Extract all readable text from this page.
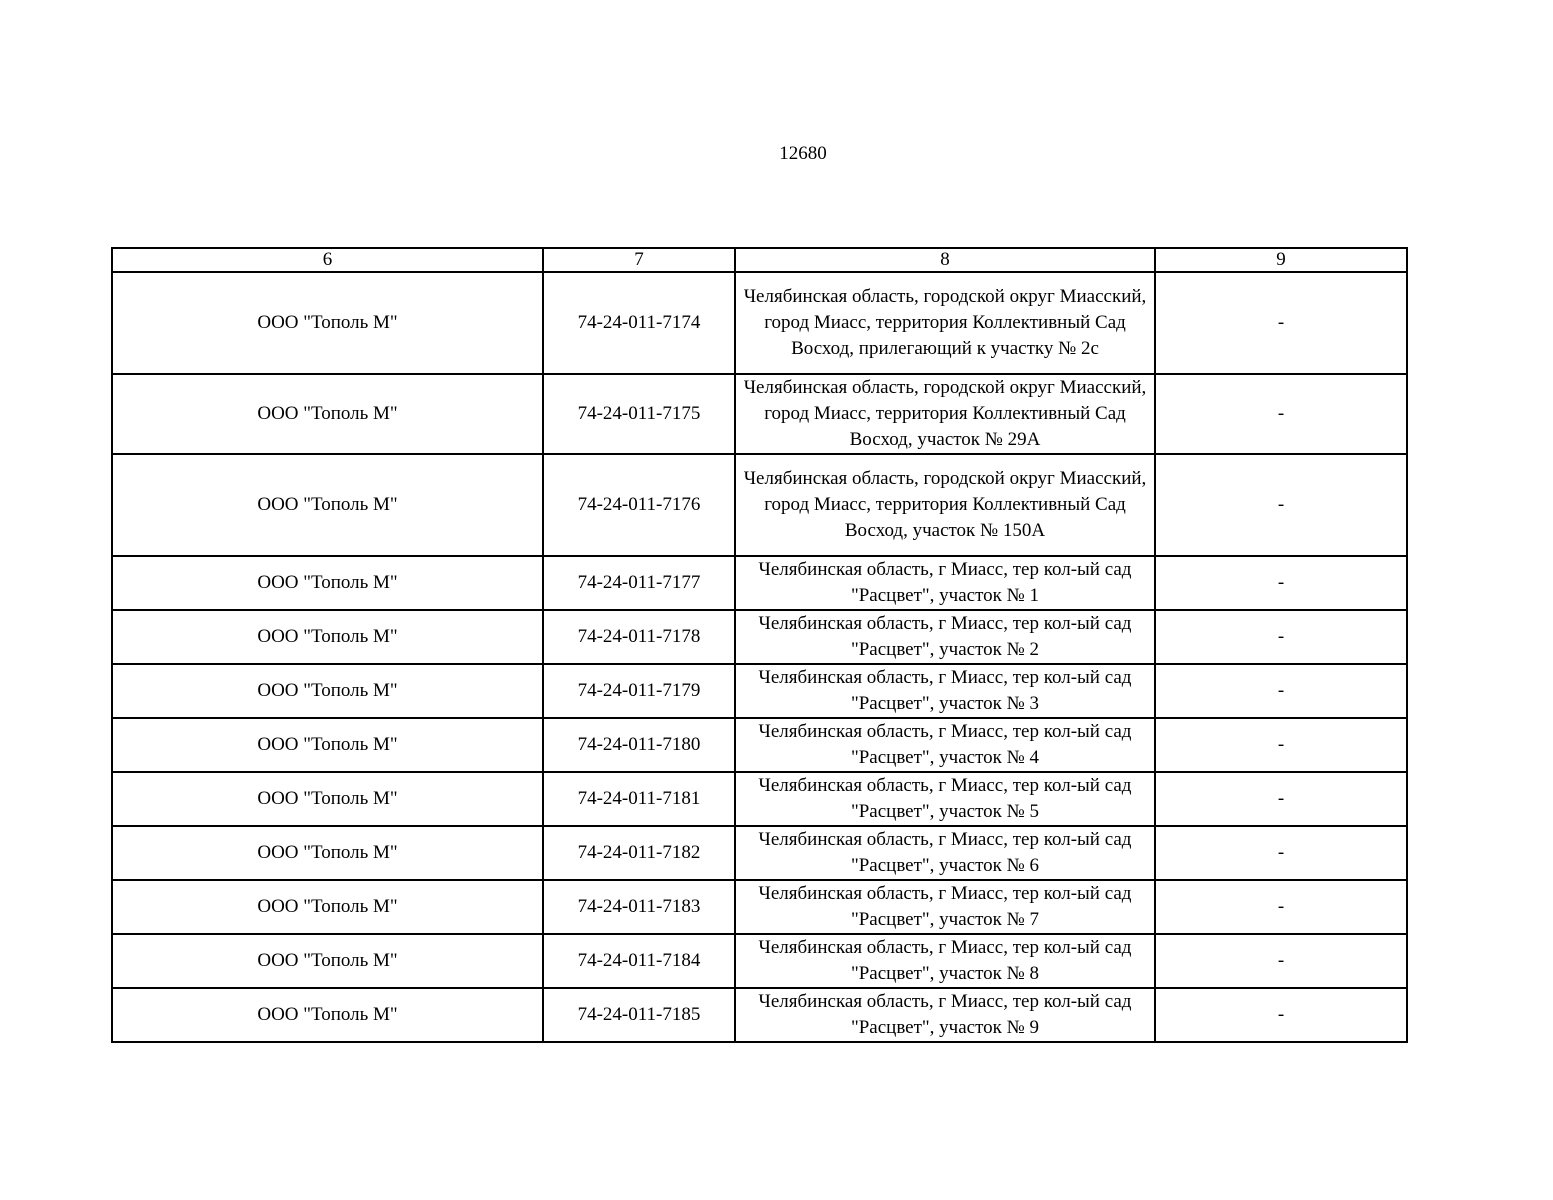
12680
6	7	8	9
ООО "Тополь М"	74-24-011-7174	Челябинская область, городской округ Миасский, город Миасс, территория Коллективный Сад Восход, прилегающий к участку № 2с	-
ООО "Тополь М"	74-24-011-7175	Челябинская область, городской округ Миасский, город Миасс, территория Коллективный Сад Восход, участок № 29А	-
ООО "Тополь М"	74-24-011-7176	Челябинская область, городской округ Миасский, город Миасс, территория Коллективный Сад Восход, участок № 150А	-
ООО "Тополь М"	74-24-011-7177	Челябинская область, г Миасс, тер кол-ый сад "Расцвет", участок № 1	-
ООО "Тополь М"	74-24-011-7178	Челябинская область, г Миасс, тер кол-ый сад "Расцвет", участок № 2	-
ООО "Тополь М"	74-24-011-7179	Челябинская область, г Миасс, тер кол-ый сад "Расцвет", участок № 3	-
ООО "Тополь М"	74-24-011-7180	Челябинская область, г Миасс, тер кол-ый сад "Расцвет", участок № 4	-
ООО "Тополь М"	74-24-011-7181	Челябинская область, г Миасс, тер кол-ый сад "Расцвет", участок № 5	-
ООО "Тополь М"	74-24-011-7182	Челябинская область, г Миасс, тер кол-ый сад "Расцвет", участок № 6	-
ООО "Тополь М"	74-24-011-7183	Челябинская область, г Миасс, тер кол-ый сад "Расцвет", участок № 7	-
ООО "Тополь М"	74-24-011-7184	Челябинская область, г Миасс, тер кол-ый сад "Расцвет", участок № 8	-
ООО "Тополь М"	74-24-011-7185	Челябинская область, г Миасс, тер кол-ый сад "Расцвет", участок № 9	-
